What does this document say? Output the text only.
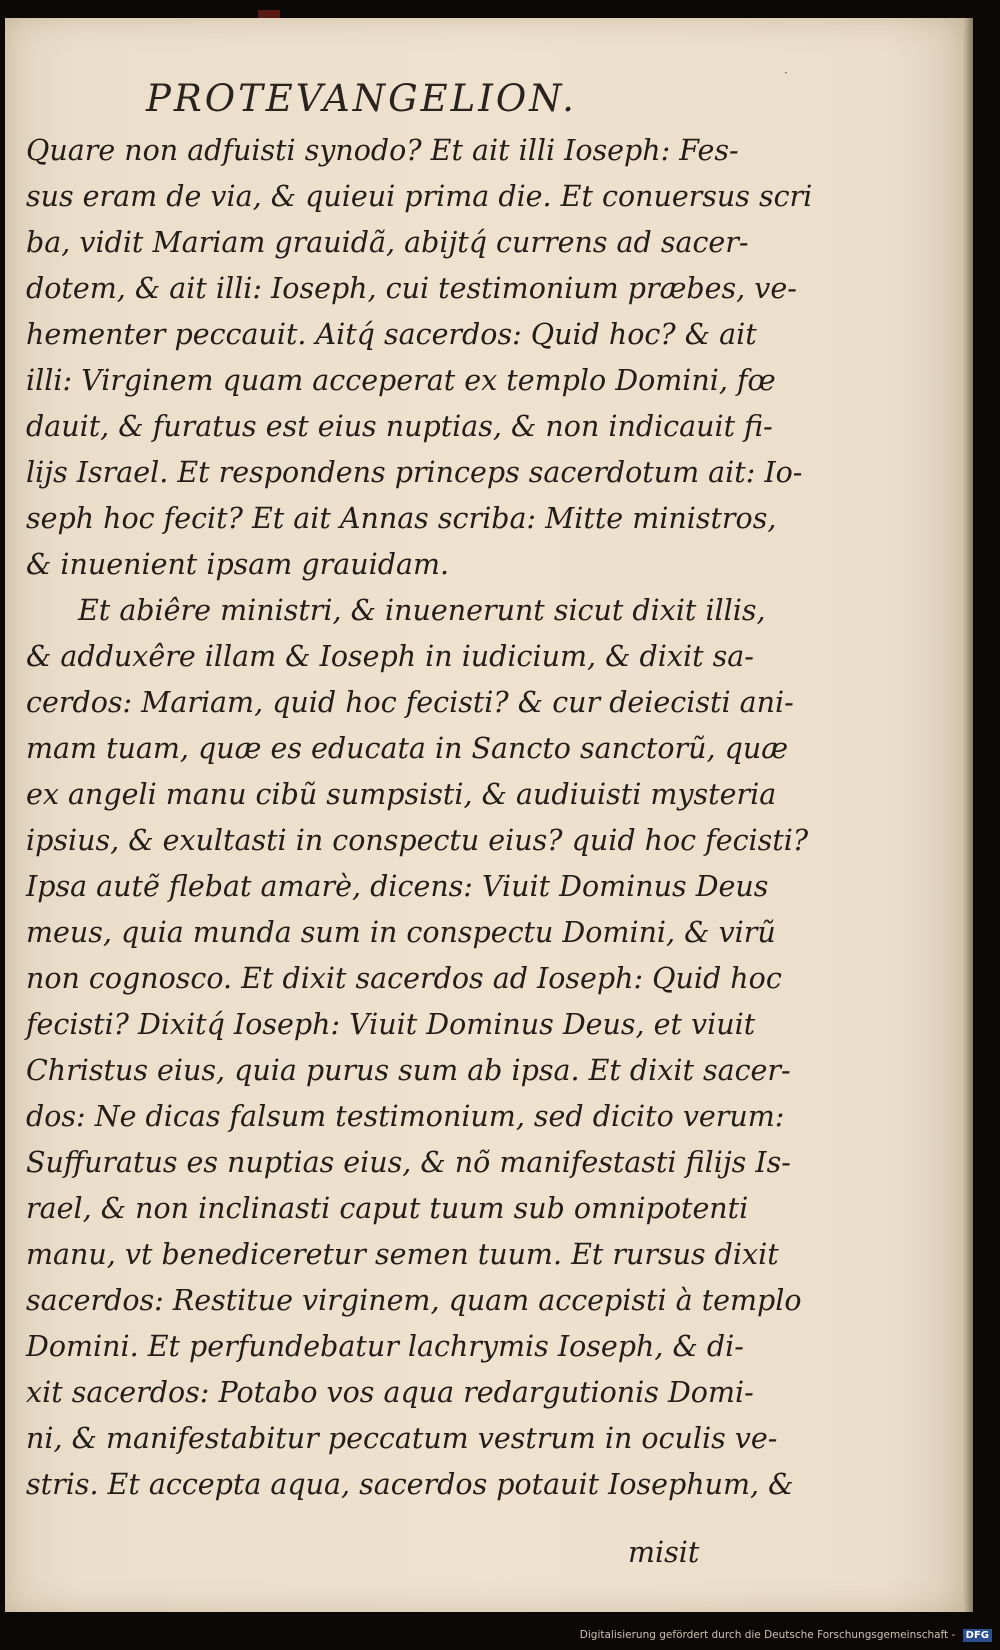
·
PROTEVANGELION.
Quare non adfuisti synodo? Et ait illi Ioseph: Fes-
sus eram de via, & quieui prima die. Et conuersus scri
ba, vidit Mariam grauidã, abijtq́ currens ad sacer-
dotem, & ait illi: Ioseph, cui testimonium præbes, ve-
hementer peccauit. Aitq́ sacerdos: Quid hoc? & ait
illi: Virginem quam acceperat ex templo Domini, fœ
dauit, & furatus est eius nuptias, & non indicauit fi-
lijs Israel. Et respondens princeps sacerdotum ait: Io-
seph hoc fecit? Et ait Annas scriba: Mitte ministros,
& inuenient ipsam grauidam.
Et abiêre ministri, & inuenerunt sicut dixit illis,
& adduxêre illam & Ioseph in iudicium, & dixit sa-
cerdos: Mariam, quid hoc fecisti? & cur deiecisti ani-
mam tuam, quæ es educata in Sancto sanctorũ, quæ
ex angeli manu cibũ sumpsisti, & audiuisti mysteria
ipsius, & exultasti in conspectu eius? quid hoc fecisti?
Ipsa autẽ flebat amarè, dicens: Viuit Dominus Deus
meus, quia munda sum in conspectu Domini, & virũ
non cognosco. Et dixit sacerdos ad Ioseph: Quid hoc
fecisti? Dixitq́ Ioseph: Viuit Dominus Deus, et viuit
Christus eius, quia purus sum ab ipsa. Et dixit sacer-
dos: Ne dicas falsum testimonium, sed dicito verum:
Suffuratus es nuptias eius, & nõ manifestasti filijs Is-
rael, & non inclinasti caput tuum sub omnipotenti
manu, vt benediceretur semen tuum. Et rursus dixit
sacerdos: Restitue virginem, quam accepisti à templo
Domini. Et perfundebatur lachrymis Ioseph, & di-
xit sacerdos: Potabo vos aqua redargutionis Domi-
ni, & manifestabitur peccatum vestrum in oculis ve-
stris. Et accepta aqua, sacerdos potauit Iosephum, &
misit
Digitalisierung gefördert durch die Deutsche Forschungsgemeinschaft - DFG
